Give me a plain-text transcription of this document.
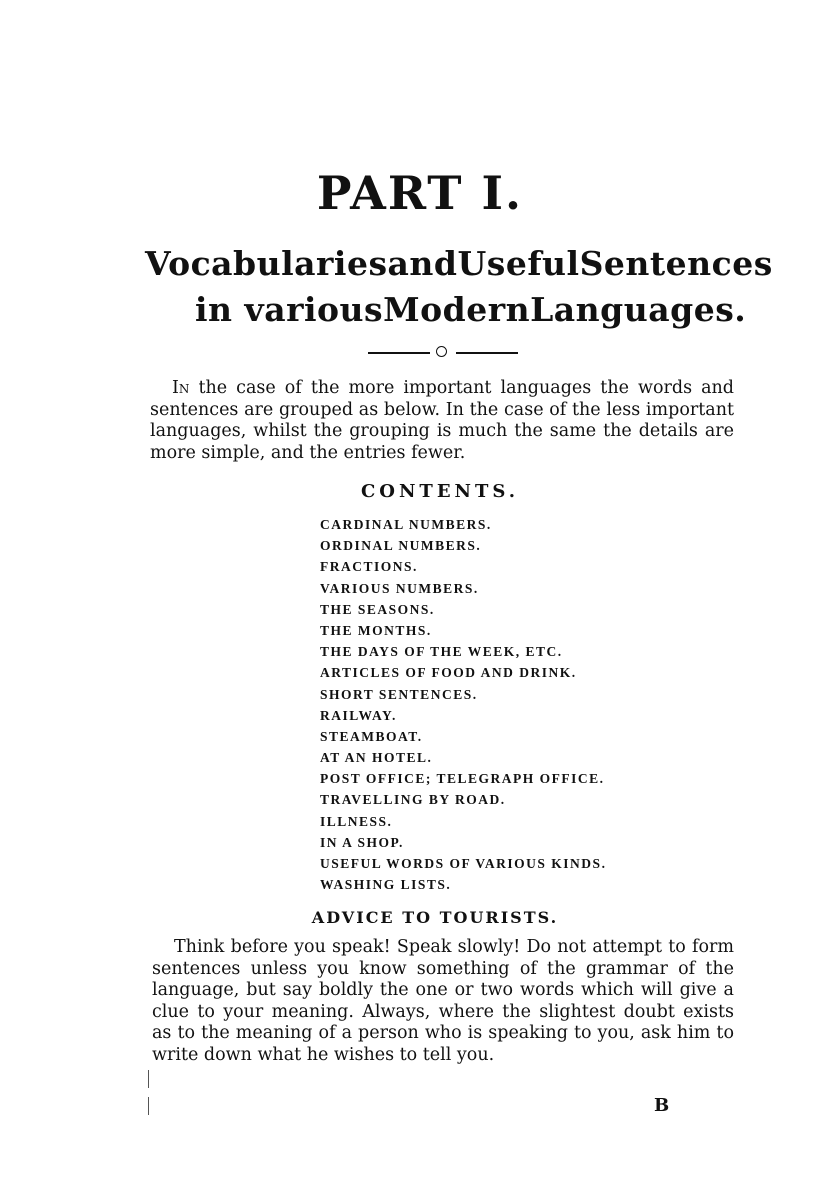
PART I.
Vocabularies and Useful Sentences
in various Modern Languages.

In the case of the more important languages the words and sentences are grouped as below. In the case of the less important languages, whilst the grouping is much the same the details are more simple, and the entries fewer.

CONTENTS.
CARDINAL NUMBERS.
ORDINAL NUMBERS.
FRACTIONS.
VARIOUS NUMBERS.
THE SEASONS.
THE MONTHS.
THE DAYS OF THE WEEK, ETC.
ARTICLES OF FOOD AND DRINK.
SHORT SENTENCES.
RAILWAY.
STEAMBOAT.
AT AN HOTEL.
POST OFFICE; TELEGRAPH OFFICE.
TRAVELLING BY ROAD.
ILLNESS.
IN A SHOP.
USEFUL WORDS OF VARIOUS KINDS.
WASHING LISTS.
ADVICE TO TOURISTS.

Think before you speak! Speak slowly! Do not attempt to form sentences unless you know something of the grammar of the language, but say boldly the one or two words which will give a clue to your meaning. Always, where the slightest doubt exists as to the meaning of a person who is speaking to you, ask him to write down what he wishes to tell you.

B
